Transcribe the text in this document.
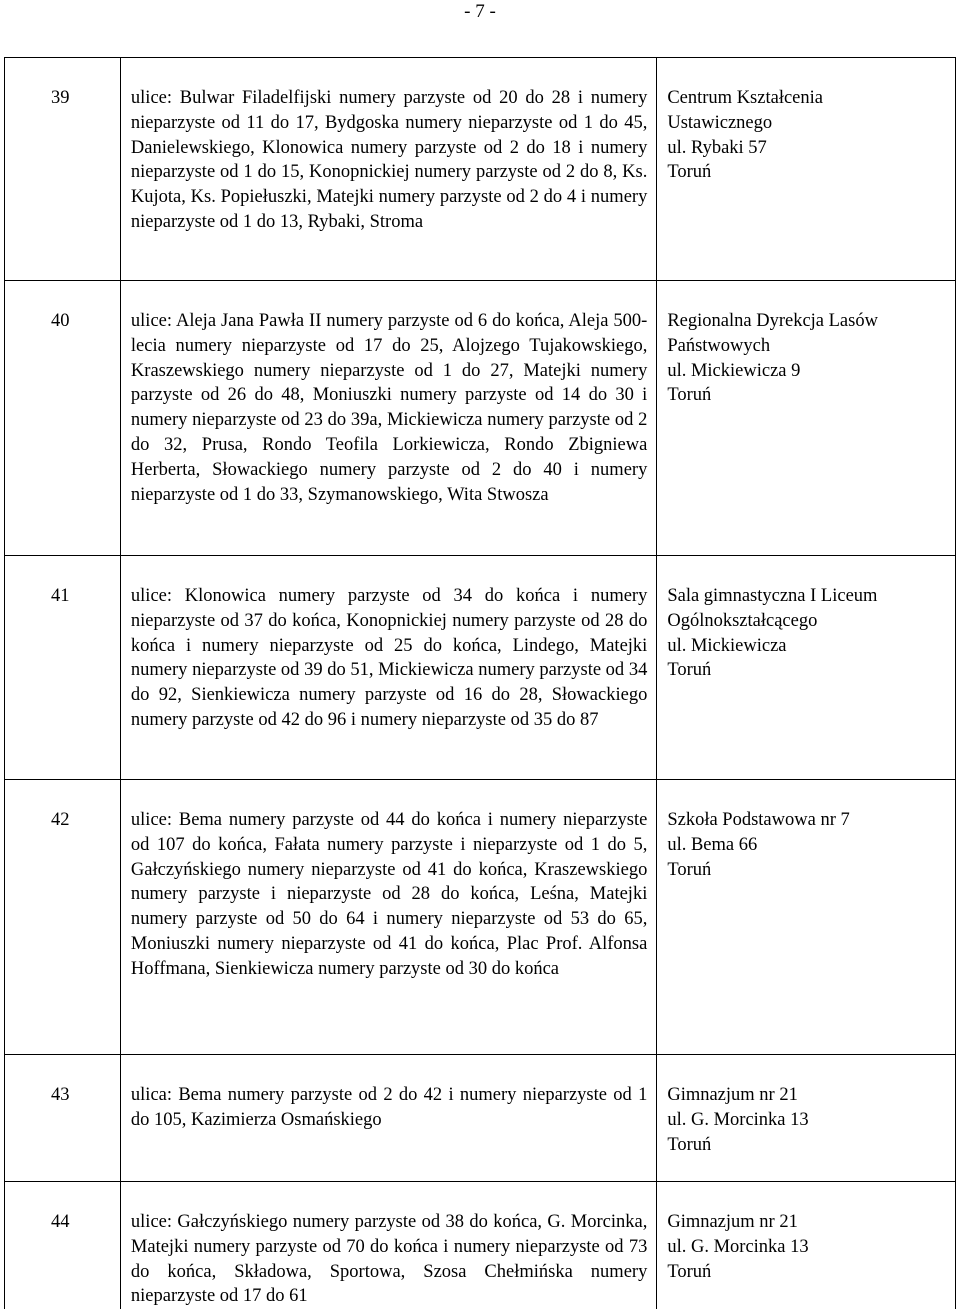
- 7 -
39	ulice: Bulwar Filadelfijski numery parzyste od 20 do 28 i numery nieparzyste od 11 do 17, Bydgoska numery nieparzyste od 1 do 45, Danielewskiego, Klonowica numery parzyste od 2 do 18 i numery nieparzyste od 1 do 15, Konopnickiej numery parzyste od 2 do 8, Ks. Kujota, Ks. Popiełuszki, Matejki numery parzyste od 2 do 4 i numery nieparzyste od 1 do 13, Rybaki, Stroma
Centrum Kształcenia
Ustawicznego
ul. Rybaki 57
Toruń
40	ulice: Aleja Jana Pawła II numery parzyste od 6 do końca, Aleja 500-lecia numery nieparzyste od 17 do 25, Alojzego Tujakowskiego, Kraszewskiego numery nieparzyste od 1 do 27, Matejki numery parzyste od 26 do 48, Moniuszki numery parzyste od 14 do 30 i numery nieparzyste od 23 do 39a, Mickiewicza numery parzyste od 2 do 32, Prusa, Rondo Teofila Lorkiewicza, Rondo Zbigniewa Herberta, Słowackiego numery parzyste od 2 do 40 i numery nieparzyste od 1 do 33, Szymanowskiego, Wita Stwosza
Regionalna Dyrekcja Lasów
Państwowych
ul. Mickiewicza 9
Toruń
41	ulice: Klonowica numery parzyste od 34 do końca i numery nieparzyste od 37 do końca, Konopnickiej numery parzyste od 28 do końca i numery nieparzyste od 25 do końca, Lindego, Matejki numery nieparzyste od 39 do 51, Mickiewicza numery parzyste od 34 do 92, Sienkiewicza numery parzyste od 16 do 28, Słowackiego numery parzyste od 42 do 96 i numery nieparzyste od 35 do 87
Sala gimnastyczna I Liceum
Ogólnokształcącego
ul. Mickiewicza
Toruń
42	ulice: Bema numery parzyste od 44 do końca i numery nieparzyste od 107 do końca, Fałata numery parzyste i nieparzyste od 1 do 5, Gałczyńskiego numery nieparzyste od 41 do końca, Kraszewskiego numery parzyste i nieparzyste od 28 do końca, Leśna, Matejki numery parzyste od 50 do 64 i numery nieparzyste od 53 do 65, Moniuszki numery nieparzyste od 41 do końca, Plac Prof. Alfonsa Hoffmana, Sienkiewicza numery parzyste od 30 do końca
Szkoła Podstawowa nr 7
ul. Bema 66
Toruń
43	ulica: Bema numery parzyste od 2 do 42 i numery nieparzyste od 1 do 105, Kazimierza Osmańskiego
Gimnazjum nr 21
ul. G. Morcinka 13
Toruń
44	ulice: Gałczyńskiego numery parzyste od 38 do końca, G. Morcinka, Matejki numery parzyste od 70 do końca i numery nieparzyste od 73 do końca, Składowa, Sportowa, Szosa Chełmińska numery nieparzyste od 17 do 61
Gimnazjum nr 21
ul. G. Morcinka 13
Toruń
